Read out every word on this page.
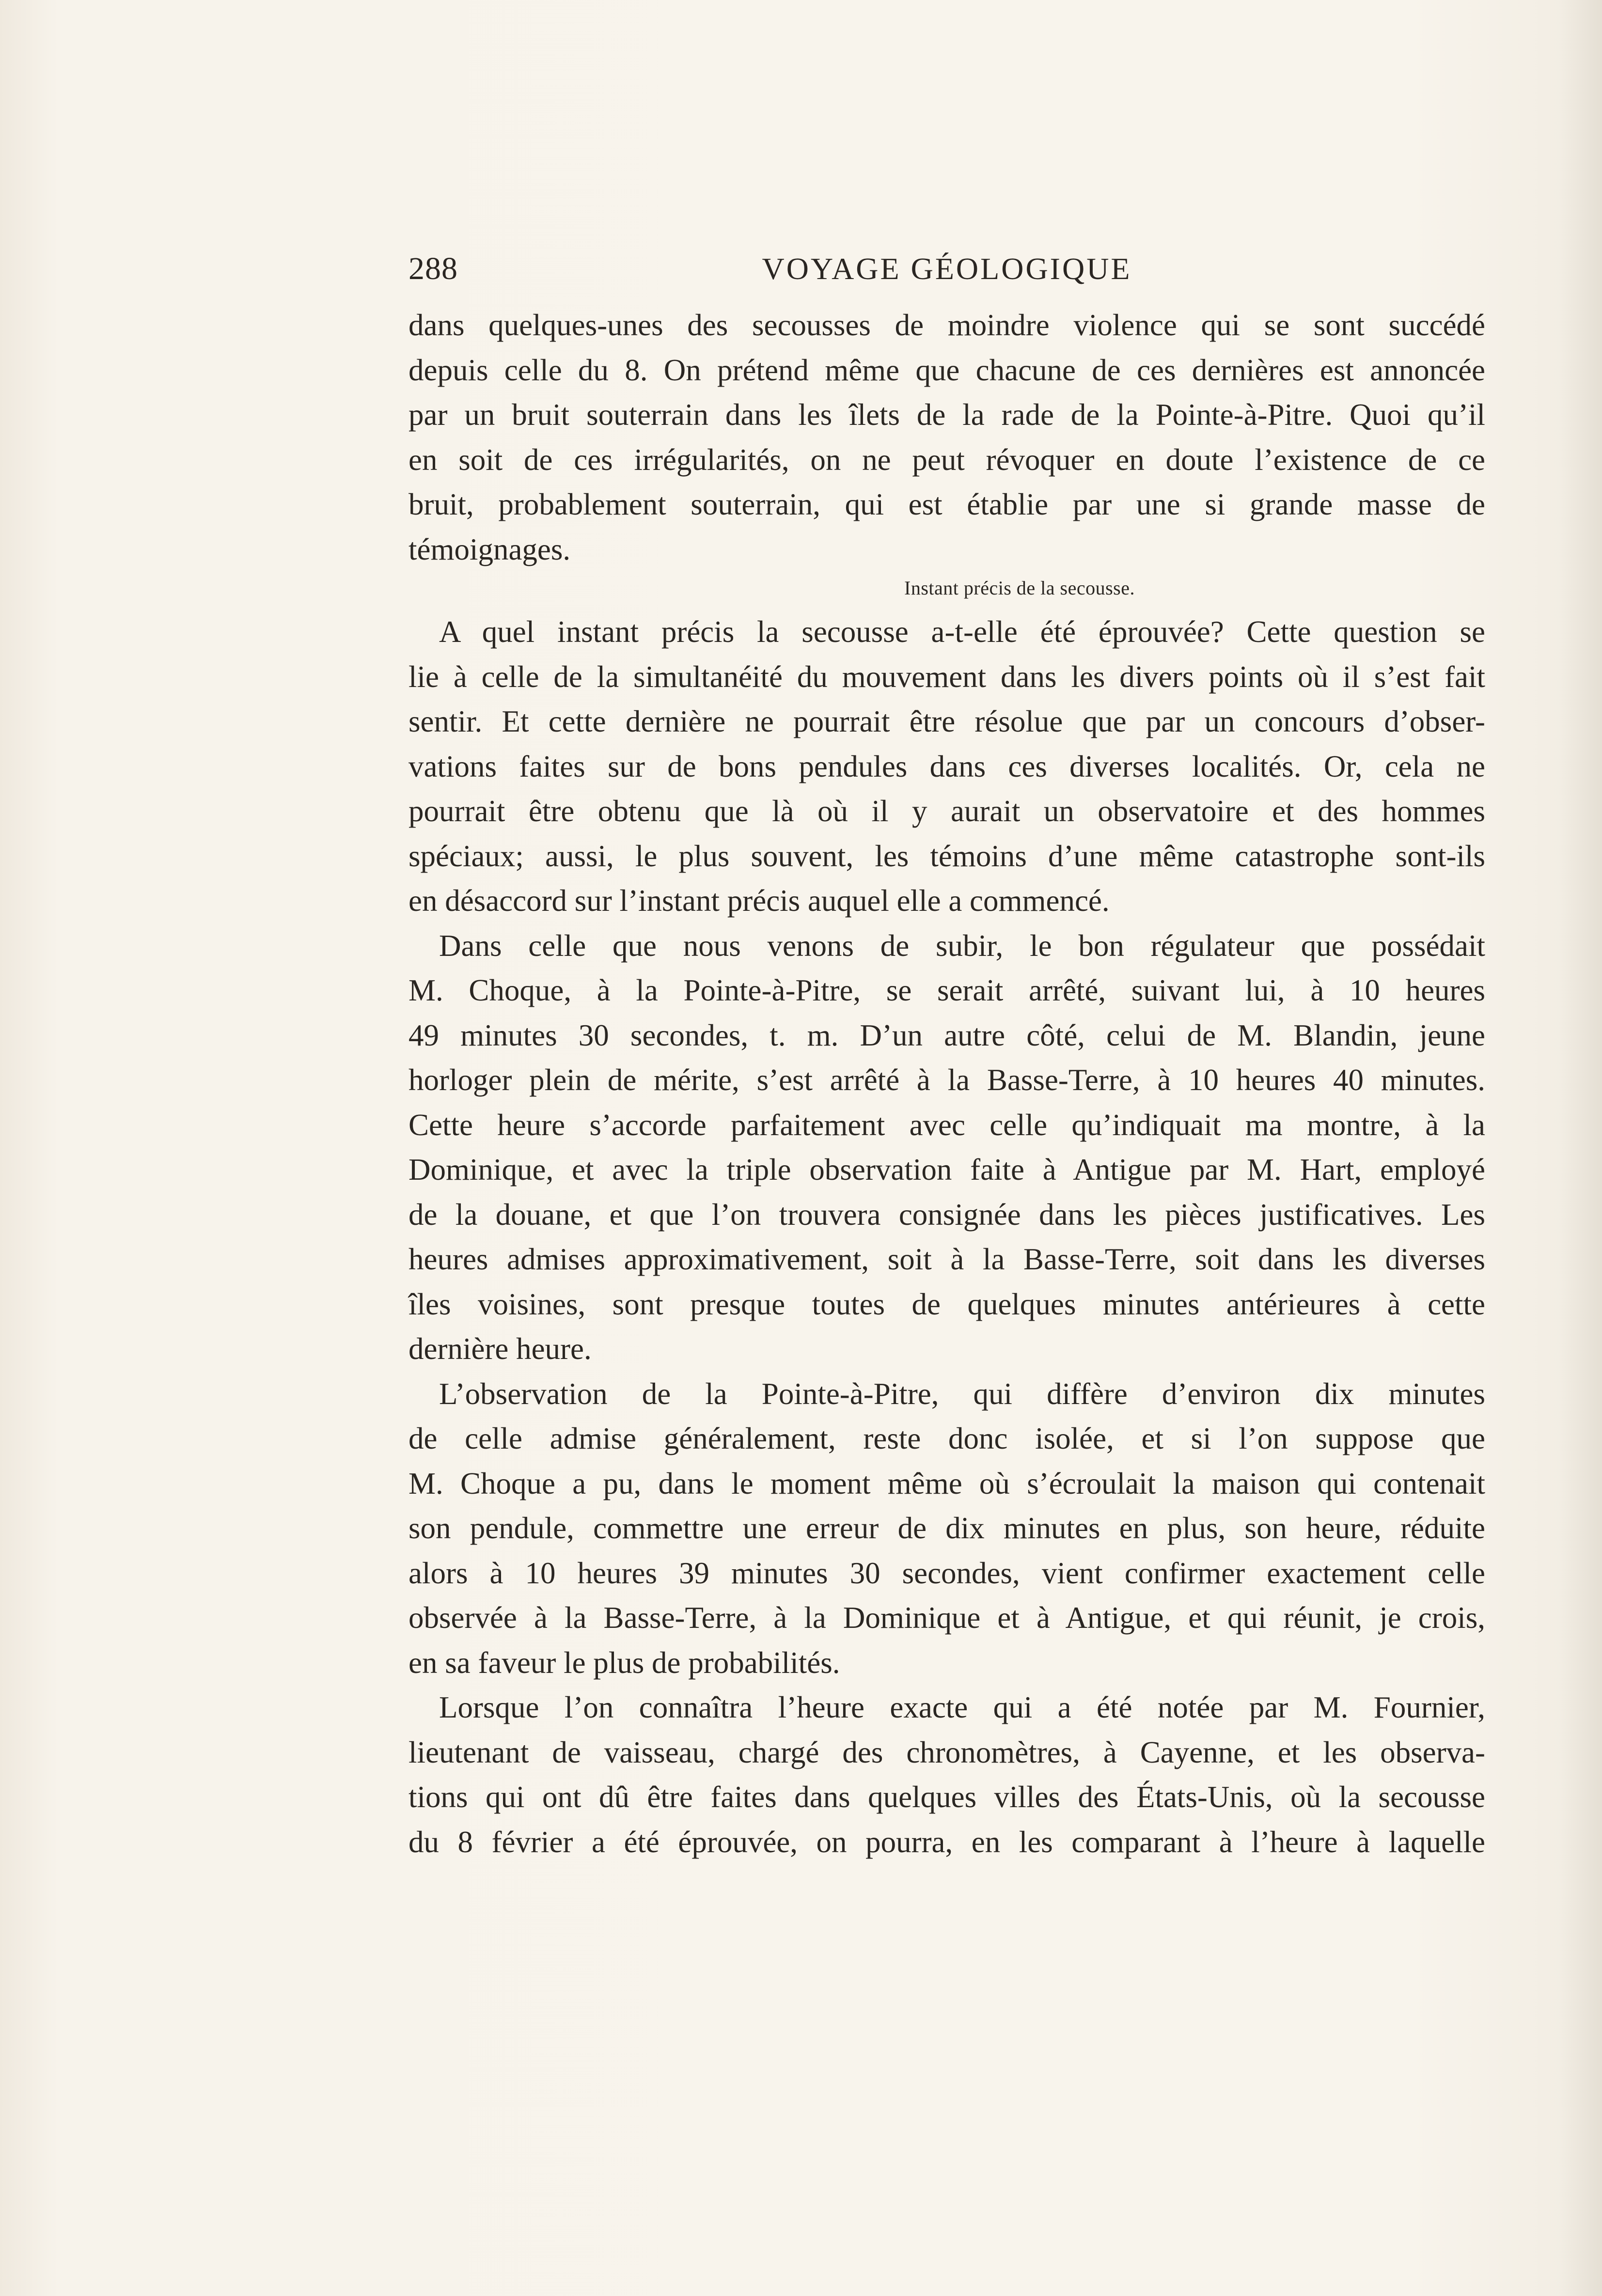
288	VOYAGE GÉOLOGIQUE

dans quelques-unes des secousses de moindre violence qui se sont succédé
depuis celle du 8. On prétend même que chacune de ces dernières est annoncée
par un bruit souterrain dans les îlets de la rade de la Pointe-à-Pitre. Quoi qu’il
en soit de ces irrégularités, on ne peut révoquer en doute l’existence de ce
bruit, probablement souterrain, qui est établie par une si grande masse de
témoignages.

Instant précis de la secousse.

A quel instant précis la secousse a-t-elle été éprouvée? Cette question se
lie à celle de la simultanéité du mouvement dans les divers points où il s’est fait
sentir. Et cette dernière ne pourrait être résolue que par un concours d’obser-
vations faites sur de bons pendules dans ces diverses localités. Or, cela ne
pourrait être obtenu que là où il y aurait un observatoire et des hommes
spéciaux; aussi, le plus souvent, les témoins d’une même catastrophe sont-ils
en désaccord sur l’instant précis auquel elle a commencé.

Dans celle que nous venons de subir, le bon régulateur que possédait
M. Choque, à la Pointe-à-Pitre, se serait arrêté, suivant lui, à 10 heures
49 minutes 30 secondes, t. m. D’un autre côté, celui de M. Blandin, jeune
horloger plein de mérite, s’est arrêté à la Basse-Terre, à 10 heures 40 minutes.
Cette heure s’accorde parfaitement avec celle qu’indiquait ma montre, à la
Dominique, et avec la triple observation faite à Antigue par M. Hart, employé
de la douane, et que l’on trouvera consignée dans les pièces justificatives. Les
heures admises approximativement, soit à la Basse-Terre, soit dans les diverses
îles voisines, sont presque toutes de quelques minutes antérieures à cette
dernière heure.

L’observation de la Pointe-à-Pitre, qui diffère d’environ dix minutes
de celle admise généralement, reste donc isolée, et si l’on suppose que
M. Choque a pu, dans le moment même où s’écroulait la maison qui contenait
son pendule, commettre une erreur de dix minutes en plus, son heure, réduite
alors à 10 heures 39 minutes 30 secondes, vient confirmer exactement celle
observée à la Basse-Terre, à la Dominique et à Antigue, et qui réunit, je crois,
en sa faveur le plus de probabilités.

Lorsque l’on connaîtra l’heure exacte qui a été notée par M. Fournier,
lieutenant de vaisseau, chargé des chronomètres, à Cayenne, et les observa-
tions qui ont dû être faites dans quelques villes des États-Unis, où la secousse
du 8 février a été éprouvée, on pourra, en les comparant à l’heure à laquelle
